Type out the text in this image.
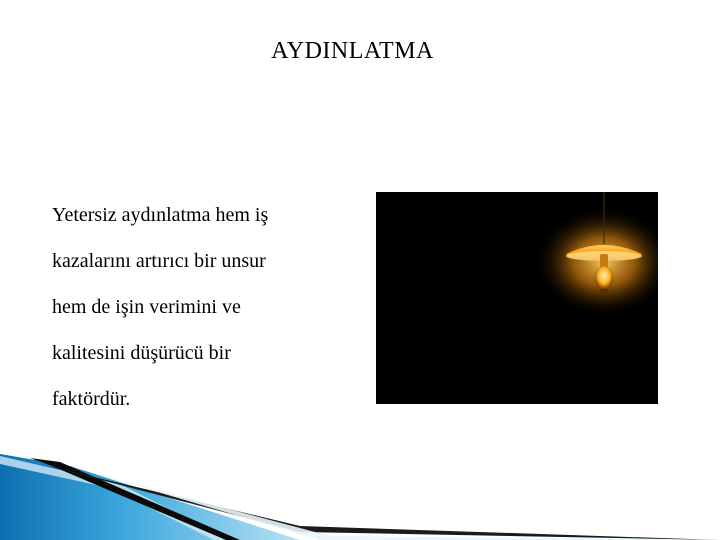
AYDINLATMA
Yetersiz aydınlatma hem iş
kazalarını artırıcı bir unsur
hem de işin verimini ve
kalitesini düşürücü bir
faktördür.
